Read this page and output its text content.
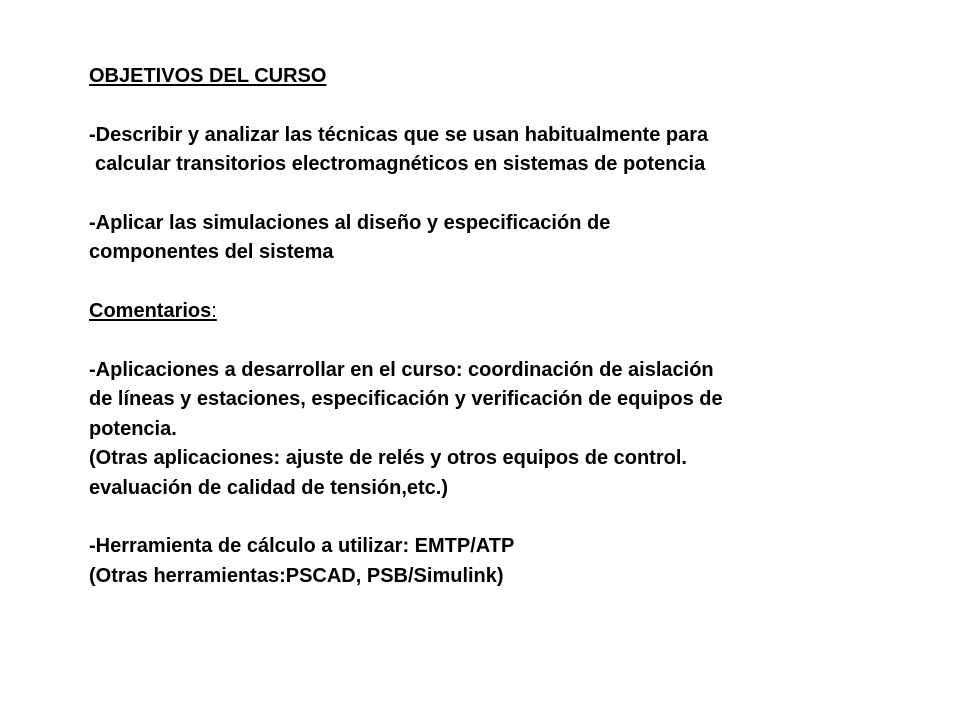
OBJETIVOS DEL CURSO
-Describir y analizar las técnicas que se usan habitualmente para
calcular transitorios electromagnéticos en sistemas de potencia
-Aplicar las simulaciones al diseño y especificación de
componentes del sistema
Comentarios:
-Aplicaciones a desarrollar en el curso: coordinación de aislación
de líneas y estaciones, especificación y verificación de equipos de
potencia.
(Otras aplicaciones: ajuste de relés y otros equipos de control.
evaluación de calidad de tensión,etc.)
-Herramienta de cálculo a utilizar: EMTP/ATP
(Otras herramientas:PSCAD, PSB/Simulink)
